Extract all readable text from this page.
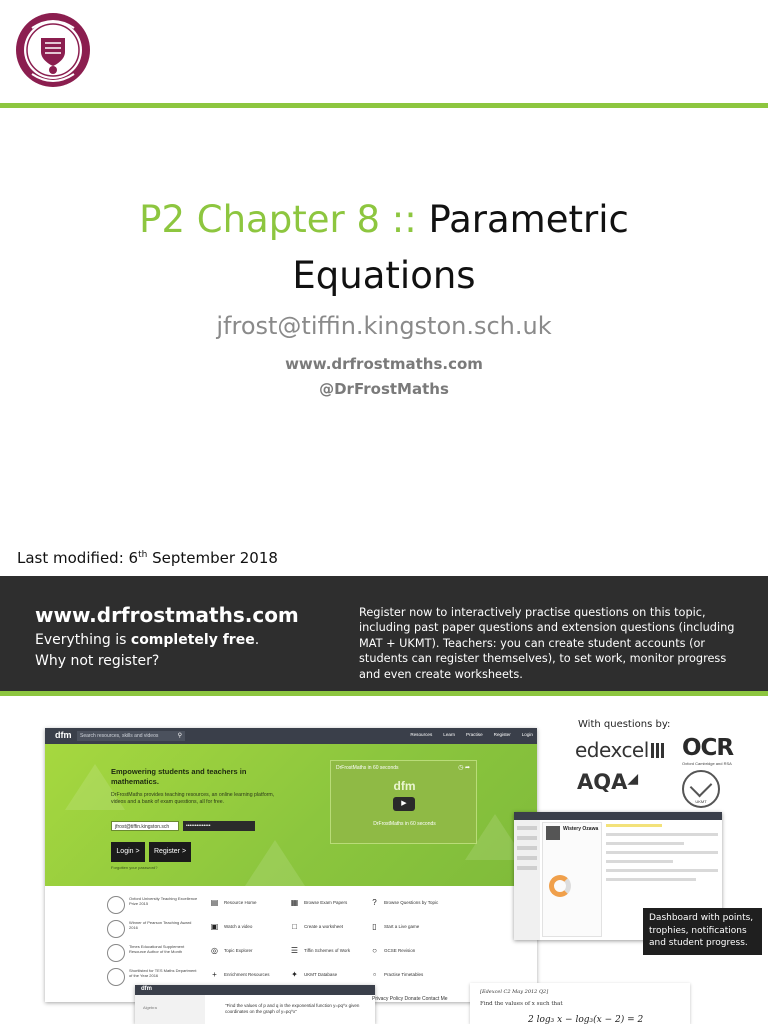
P2 Chapter 8 :: Parametric
Equations
jfrost@tiffin.kingston.sch.uk
www.drfrostmaths.com
@DrFrostMaths
Last modified: 6th September 2018
www.drfrostmaths.com
Everything is completely free.
Why not register?
Register now to interactively practise questions on this topic, including past paper questions and extension questions (including MAT + UKMT). Teachers: you can create student accounts (or students can register themselves), to set work, monitor progress and even create worksheets.
dfm	Search resources, skills and videos	⚲	Resources Learn Practise Register Login
Empowering students and teachers in mathematics.
DrFrostMaths provides teaching resources, an online learning platform, videos and a bank of exam questions, all for free.
jfrost@tiffin.kingston.sch	••••••••••••••
Login >	Register >
Forgotten your password?
DrFrostMaths in 60 seconds	◷ ➦
dfm
▶
DrFrostMaths in 60 seconds
Oxford University Teaching Excellence Prize 2015
Winner of Pearson Teaching Award 2016
Times Educational Supplement Resource Author of the Month
Shortlisted for TES Maths Department of the Year 2016
▤ Resource Home	▦ Browse Exam Papers	?	Browse Questions by Topic
▣ Watch a video	□	Create a worksheet	▯	Start a Live game
◎ Topic Explorer	☰ Tiffin Schemes of Work	○	GCSE Revision
+	Enrichment Resources	✦ UKMT Database	▫	Practise Timetables
With questions by:
edexcel	OCR
Oxford Cambridge and RSA
AQA◢
UKMT
Wistery Ozawa
Dashboard with points, trophies, notifications and student progress.
dfm
Algebra	"Find the values of p and q in the exponential function y=pq^x given coordinates on the graph of y=pq^x"
Privacy Policy Donate Contact Me
[Edexcel C2 May 2012 Q2]
Find the values of x such that
2 log₃ x − log₃(x − 2) = 2
